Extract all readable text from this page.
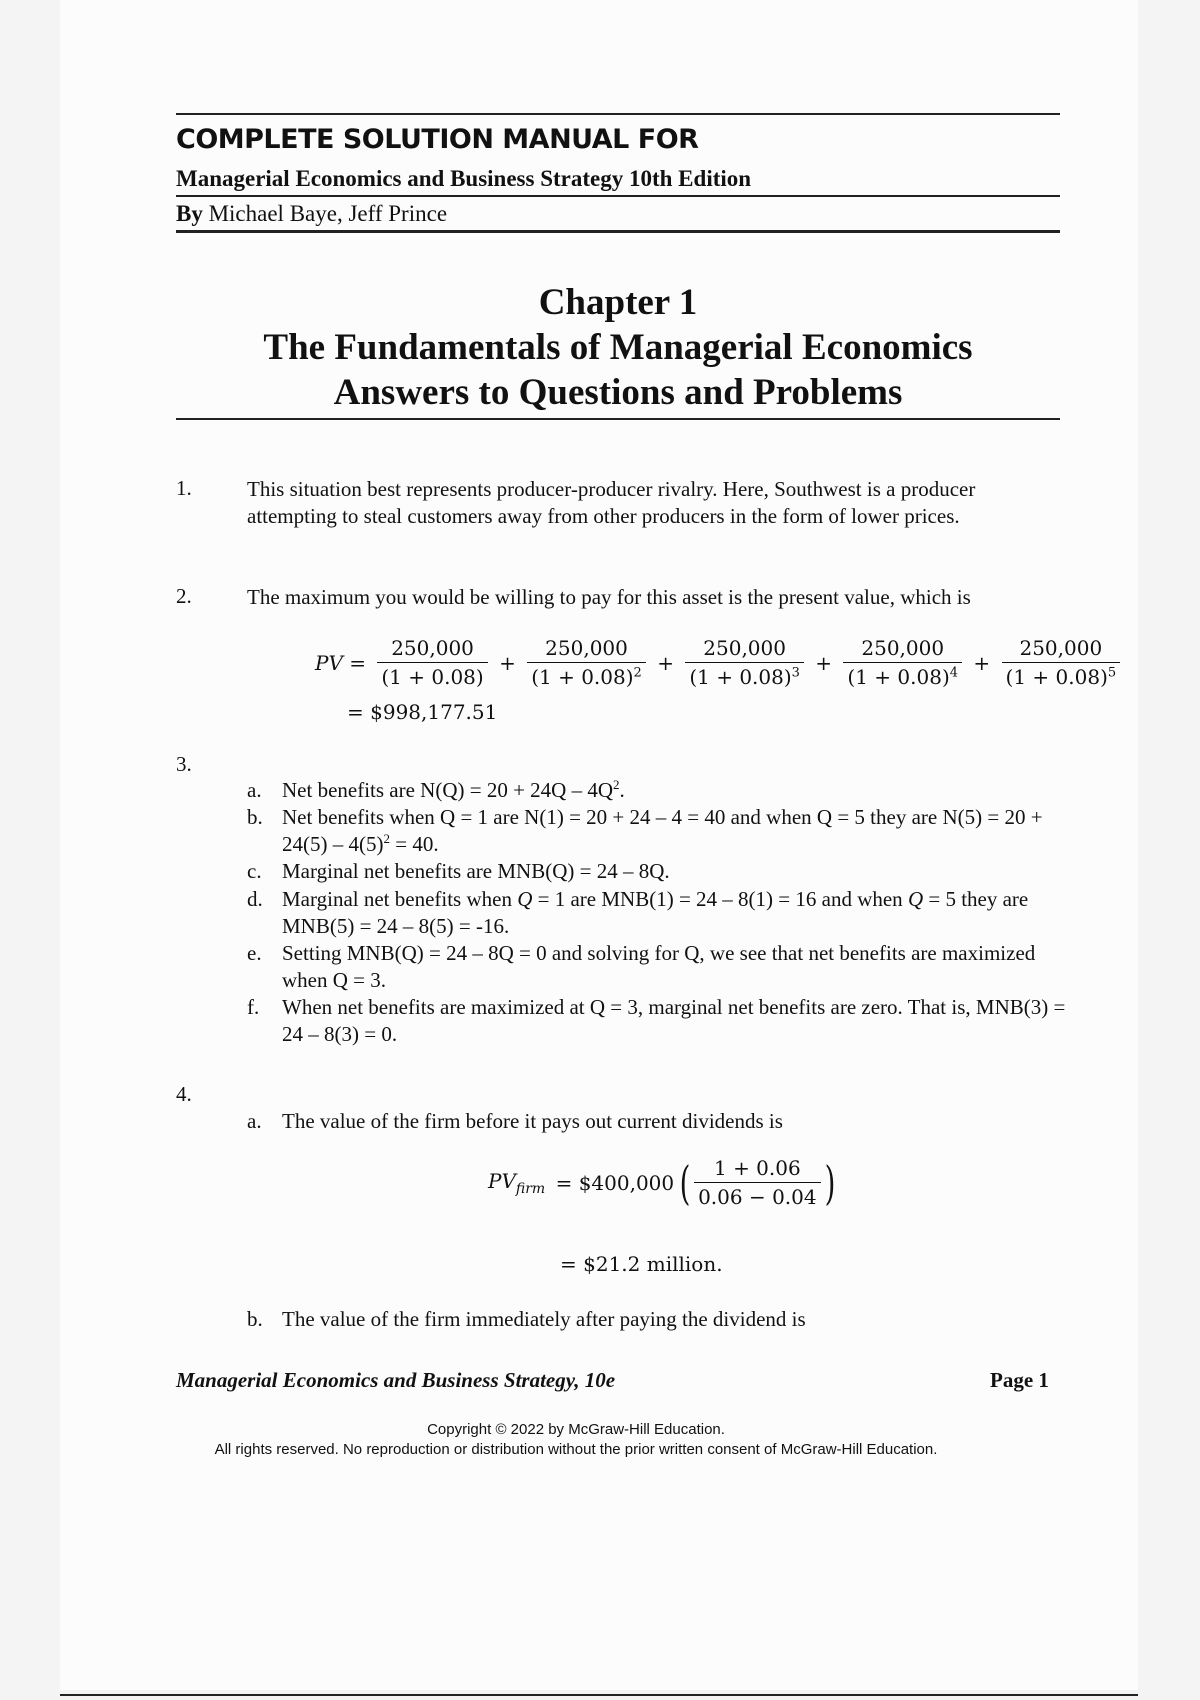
COMPLETE SOLUTION MANUAL FOR
Managerial Economics and Business Strategy 10th Edition
By Michael Baye, Jeff Prince
Chapter 1
The Fundamentals of Managerial Economics
Answers to Questions and Problems
1.	This situation best represents producer-producer rivalry. Here, Southwest is a producer attempting to steal customers away from other producers in the form of lower prices.
2.	The maximum you would be willing to pay for this asset is the present value, which is
PV = $\frac{250,000}{(1 + 0.08)} + \frac{250,000}{(1 + 0.08)^2} + \frac{250,000}{(1 + 0.08)^3} + \frac{250,000}{(1 + 0.08)^4} + \frac{250,000}{(1 + 0.08)^5}$
= $998,177.51
3.
a. Net benefits are $N(Q) = 20 + 24Q - 4Q^2$.
b. Net benefits when Q = 1 are N(1) = 20 + 24 – 4 = 40 and when Q = 5 they are $N(5) = 20 + 24(5) - 4(5)^2 = 40$.
c. Marginal net benefits are MNB(Q) = 24 – 8Q.
d. Marginal net benefits when Q = 1 are MNB(1) = 24 – 8(1) = 16 and when Q = 5 they are MNB(5) = 24 – 8(5) = -16.
e. Setting MNB(Q) = 24 – 8Q = 0 and solving for Q, we see that net benefits are maximized when Q = 3.
f. When net benefits are maximized at Q = 3, marginal net benefits are zero. That is, MNB(3) = 24 – 8(3) = 0.
4.
a. The value of the firm before it pays out current dividends is
$PV_{firm}$ = $400,000 ( $\frac{1 + 0.06}{0.06 - 0.04}$ )
= $21.2 million.
b. The value of the firm immediately after paying the dividend is
Managerial Economics and Business Strategy, 10e	Page 1
Copyright © 2022 by McGraw-Hill Education.
All rights reserved. No reproduction or distribution without the prior written consent of McGraw-Hill Education.
